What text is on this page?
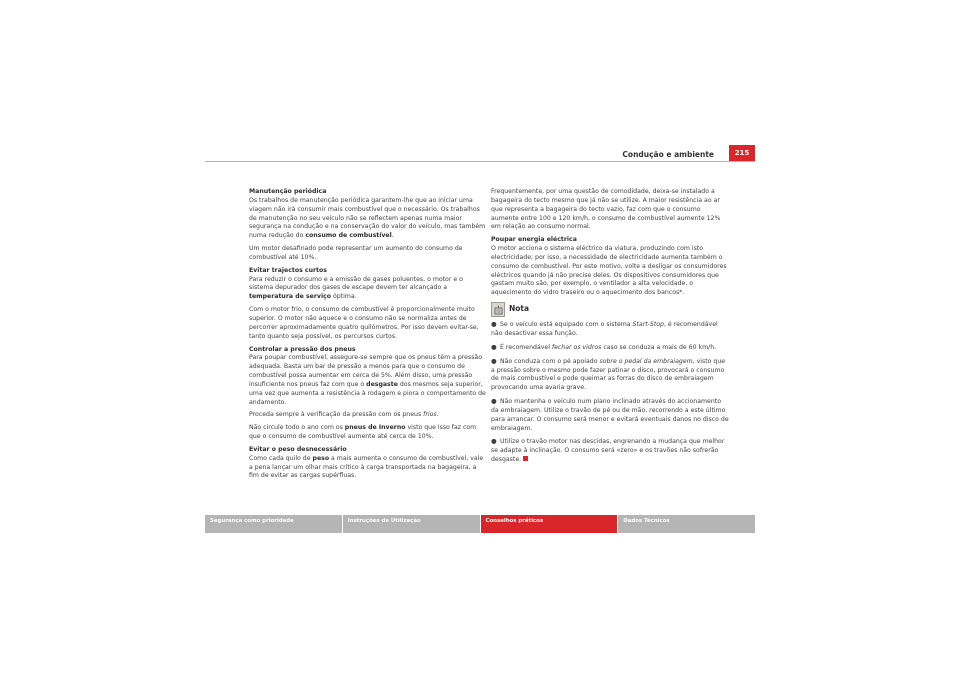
Condução e ambiente	215
Manutenção periódica

Os trabalhos de manutenção periódica garantem-lhe que ao iniciar uma viagem não irá consumir mais combustível que o necessário. Os trabalhos de manutenção no seu veículo não se reflectem apenas numa maior segurança na condução e na conservação do valor do veículo, mas também numa redução do consumo de combustível.

Um motor desafinado pode representar um aumento do consumo de combustível até 10%.

Evitar trajectos curtos

Para reduzir o consumo e a emissão de gases poluentes, o motor e o sistema depurador dos gases de escape devem ter alcançado a temperatura de serviço óptima.

Com o motor frio, o consumo de combustível é proporcionalmente muito superior. O motor não aquece e o consumo não se normaliza antes de percorrer aproximadamente quatro quilómetros. Por isso devem evitar-se, tanto quanto seja possível, os percursos curtos.

Controlar a pressão dos pneus

Para poupar combustível, assegure-se sempre que os pneus têm a pressão adequada. Basta um bar de pressão a menos para que o consumo de combustível possa aumentar em cerca de 5%. Além disso, uma pressão insuficiente nos pneus faz com que o desgaste dos mesmos seja superior, uma vez que aumenta a resistência à rodagem e piora o comportamento de andamento.

Proceda sempre à verificação da pressão com os pneus frios.

Não circule todo o ano com os pneus de Inverno visto que isso faz com que o consumo de combustível aumente até cerca de 10%.

Evitar o peso desnecessário

Como cada quilo de peso a mais aumenta o consumo de combustível, vale a pena lançar um olhar mais crítico à carga transportada na bagageira, a fim de evitar as cargas supérfluas.

Frequentemente, por uma questão de comodidade, deixa-se instalado a bagageira do tecto mesmo que já não se utilize. A maior resistência ao ar que representa a bagageira do tecto vazio, faz com que o consumo aumente entre 100 e 120 km/h, o consumo de combustível aumente 12% em relação ao consumo normal.

Poupar energia eléctrica

O motor acciona o sistema eléctrico da viatura, produzindo com isto electricidade; por isso, a necessidade de electricidade aumenta também o consumo de combustível. Por este motivo, volte a desligar os consumidores eléctricos quando já não precise deles. Os dispositivos consumidores que gastam muito são, por exemplo, o ventilador a alta velocidade, o aquecimento do vidro traseiro ou o aquecimento dos bancos*.

Nota

● Se o veículo está equipado com o sistema Start-Stop, é recomendável não desactivar essa função.

● É recomendável fechar os vidros caso se conduza a mais de 60 km/h.

● Não conduza com o pé apoiado sobre o pedal da embraiagem, visto que a pressão sobre o mesmo pode fazer patinar o disco, provocará o consumo de mais combustível e pode queimar as forras do disco de embraiagem provocando uma avaria grave.

● Não mantenha o veículo num plano inclinado através do accionamento da embraiagem. Utilize o travão de pé ou de mão, recorrendo a este último para arrancar. O consumo será menor e evitará eventuais danos no disco de embraiagem.

● Utilize o travão motor nas descidas, engrenando a mudança que melhor se adapte à inclinação. O consumo será «zero» e os travões não sofrerão desgaste.

Segurança como prioridade	Instruções de Utilização	Conselhos práticos	Dados Técnicos
